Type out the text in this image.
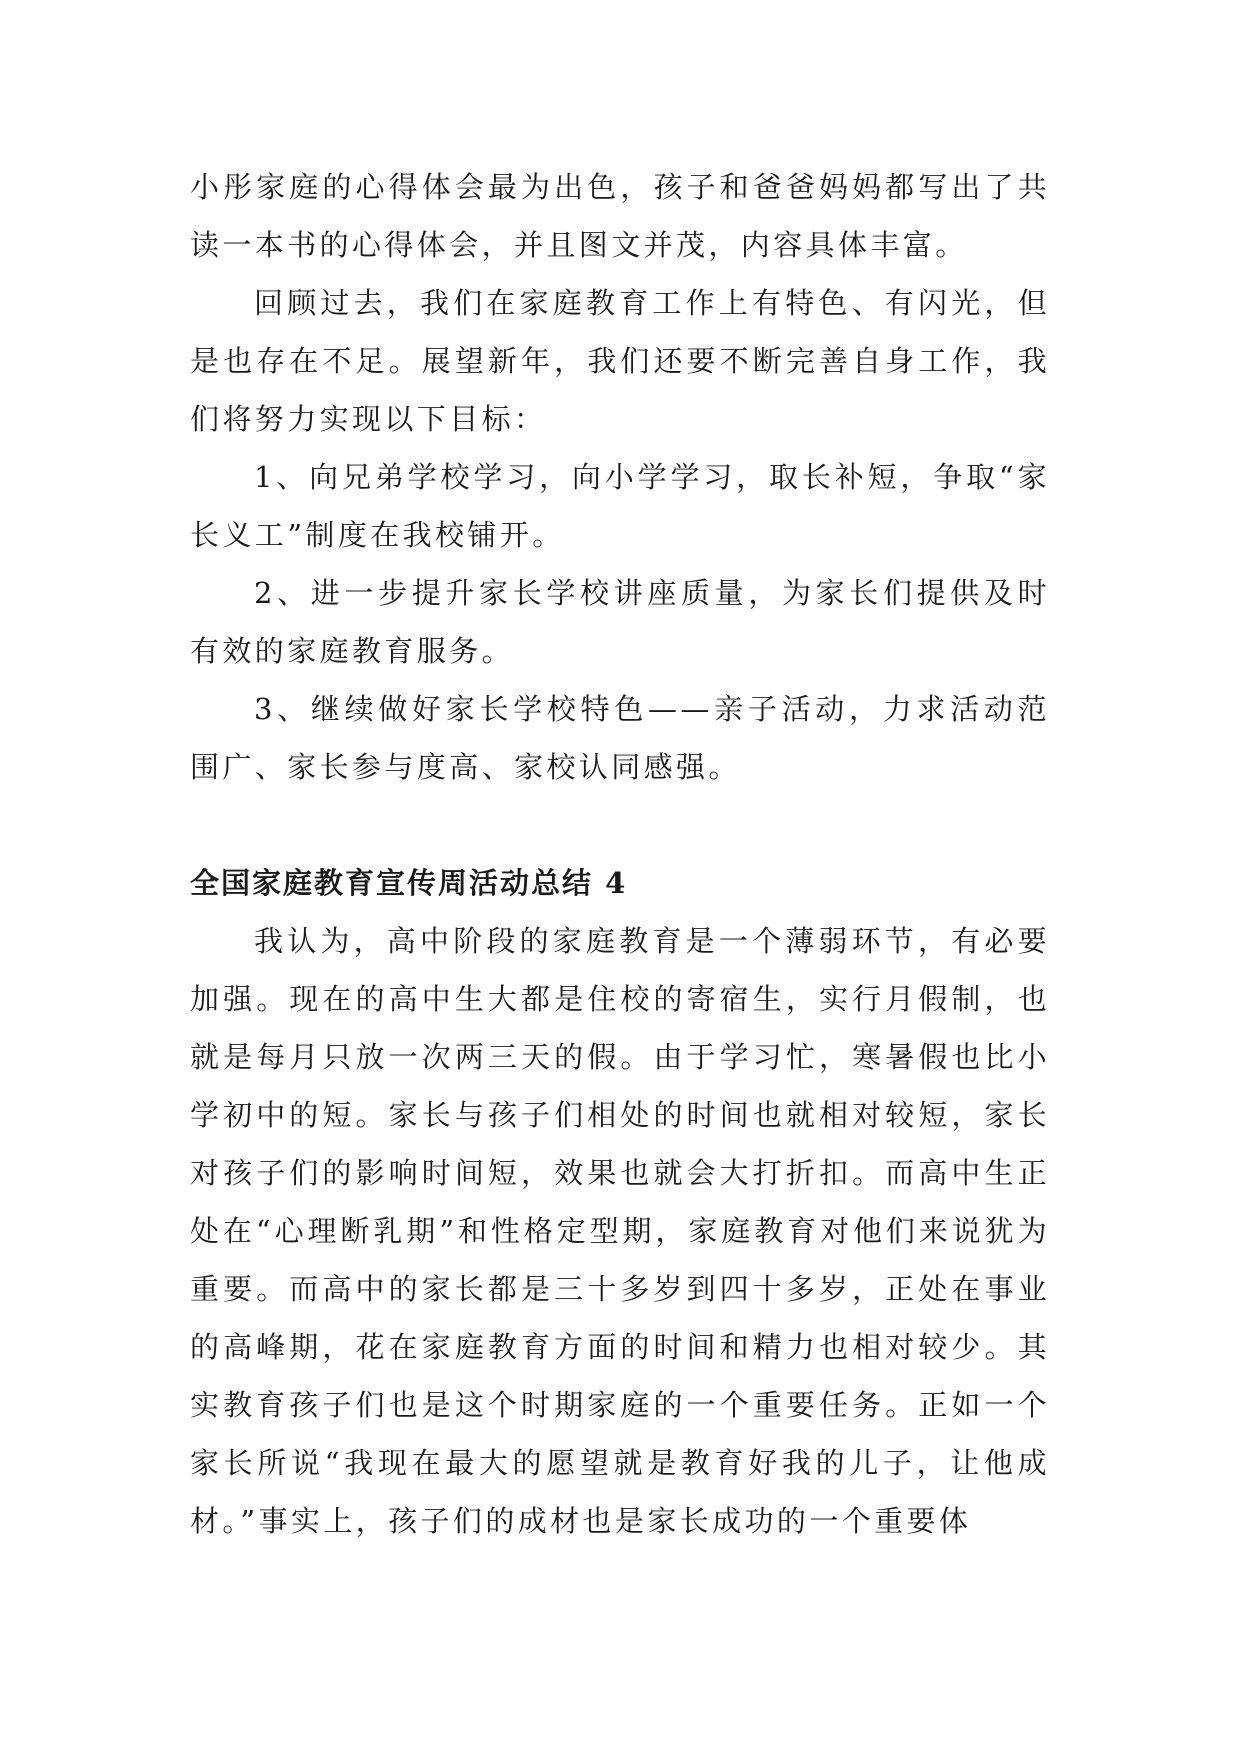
小彤家庭的心得体会最为出色，孩子和爸爸妈妈都写出了共读一本书的心得体会，并且图文并茂，内容具体丰富。

回顾过去，我们在家庭教育工作上有特色、有闪光，但是也存在不足。展望新年，我们还要不断完善自身工作，我们将努力实现以下目标：

1、向兄弟学校学习，向小学学习，取长补短，争取“家长义工”制度在我校铺开。

2、进一步提升家长学校讲座质量，为家长们提供及时有效的家庭教育服务。

3、继续做好家长学校特色——亲子活动，力求活动范围广、家长参与度高、家校认同感强。

全国家庭教育宣传周活动总结 4

我认为，高中阶段的家庭教育是一个薄弱环节，有必要加强。现在的高中生大都是住校的寄宿生，实行月假制，也就是每月只放一次两三天的假。由于学习忙，寒暑假也比小学初中的短。家长与孩子们相处的时间也就相对较短，家长对孩子们的影响时间短，效果也就会大打折扣。而高中生正处在“心理断乳期”和性格定型期，家庭教育对他们来说犹为重要。而高中的家长都是三十多岁到四十多岁，正处在事业的高峰期，花在家庭教育方面的时间和精力也相对较少。其实教育孩子们也是这个时期家庭的一个重要任务。正如一个家长所说“我现在最大的愿望就是教育好我的儿子，让他成材。”事实上，孩子们的成材也是家长成功的一个重要体
